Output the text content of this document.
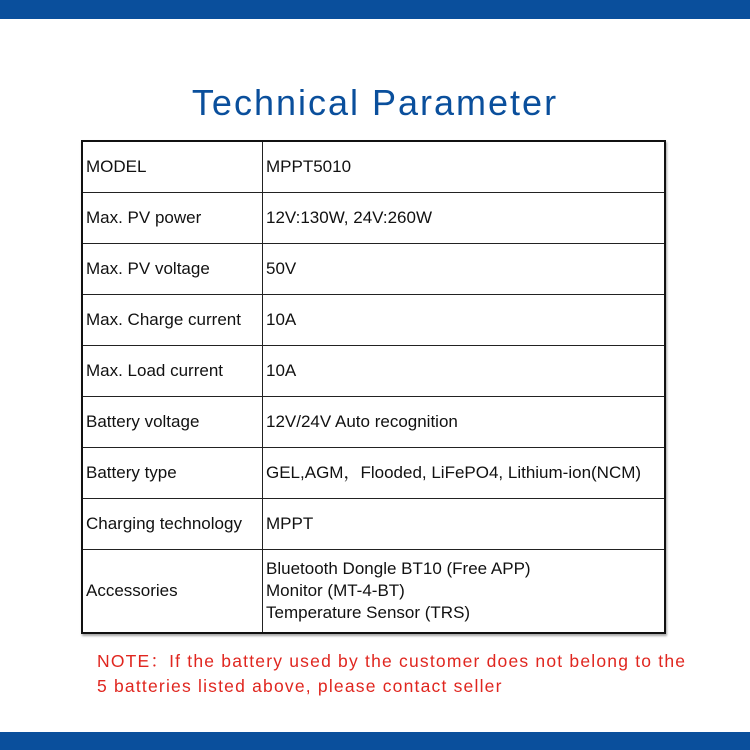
Technical Parameter
MODEL	MPPT5010
Max. PV power	12V:130W, 24V:260W
Max. PV voltage	50V
Max. Charge current	10A
Max. Load current	10A
Battery voltage	12V/24V Auto recognition
Battery type	GEL,AGM，Flooded, LiFePO4, Lithium-ion(NCM)
Charging technology	MPPT
Accessories	Bluetooth Dongle BT10 (Free APP)
Monitor (MT-4-BT)
Temperature Sensor (TRS)
NOTE：If the battery used by the customer does not belong to the 5 batteries listed above, please contact seller
